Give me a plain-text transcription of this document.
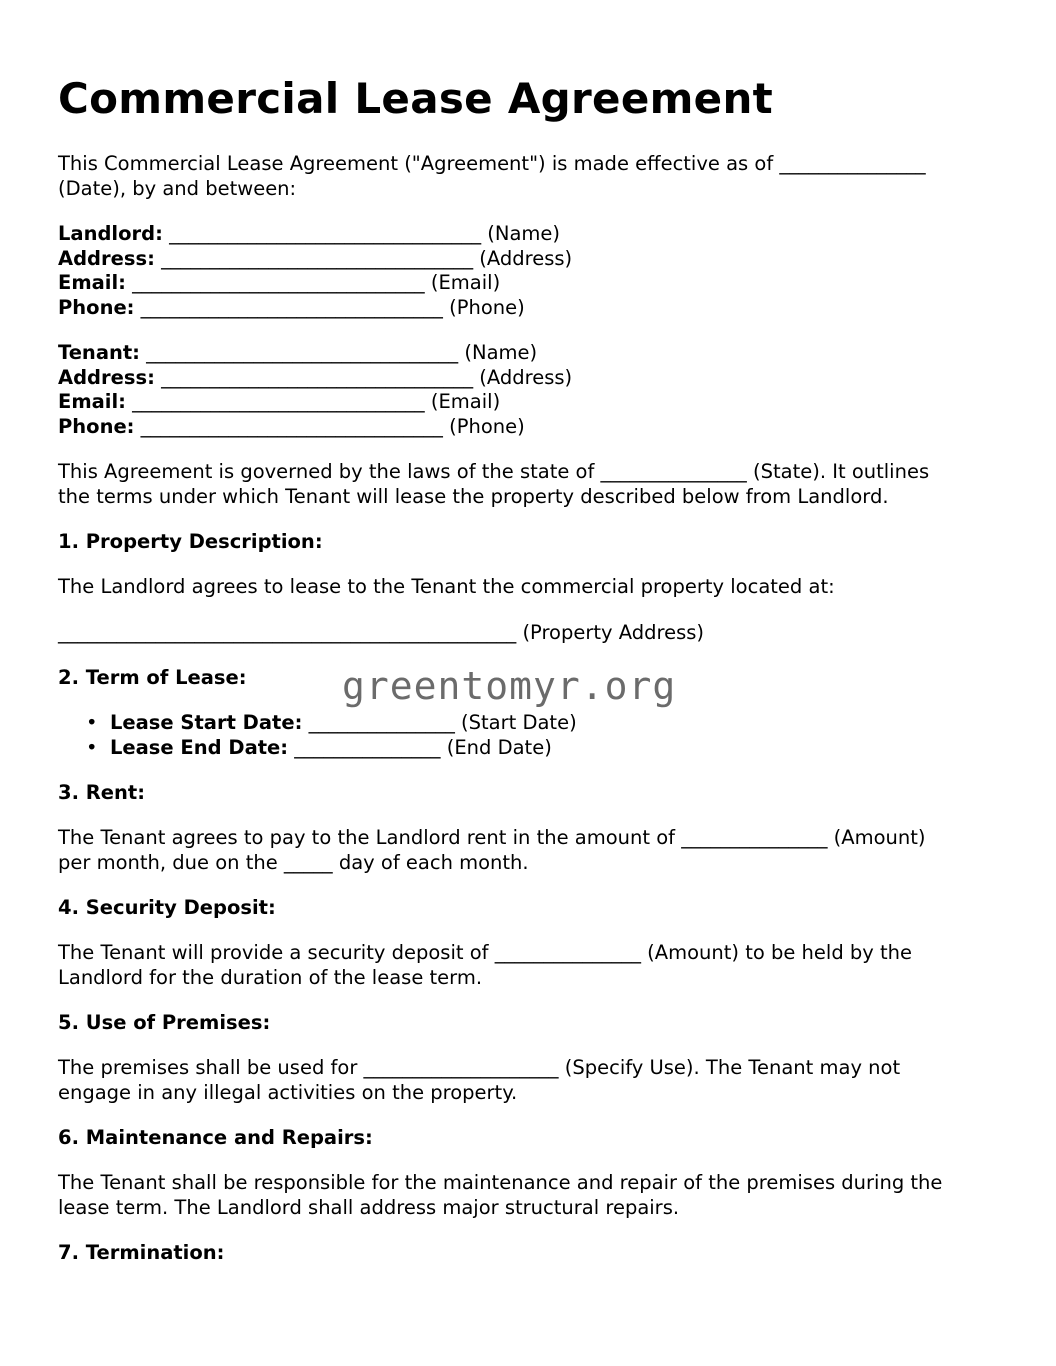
Commercial Lease Agreement

This Commercial Lease Agreement ("Agreement") is made effective as of _______________

(Date), by and between:

Landlord: ________________________________ (Name)

Address: ________________________________ (Address)

Email: ______________________________ (Email)

Phone: _______________________________ (Phone)

Tenant: ________________________________ (Name)

Address: ________________________________ (Address)

Email: ______________________________ (Email)

Phone: _______________________________ (Phone)

This Agreement is governed by the laws of the state of _______________ (State). It outlines

the terms under which Tenant will lease the property described below from Landlord.

1. Property Description:

The Landlord agrees to lease to the Tenant the commercial property located at:

_______________________________________________ (Property Address)

2. Term of Lease:

• Lease Start Date: _______________ (Start Date)

• Lease End Date: _______________ (End Date)

3. Rent:

The Tenant agrees to pay to the Landlord rent in the amount of _______________ (Amount)

per month, due on the _____ day of each month.

4. Security Deposit:

The Tenant will provide a security deposit of _______________ (Amount) to be held by the

Landlord for the duration of the lease term.

5. Use of Premises:

The premises shall be used for ____________________ (Specify Use). The Tenant may not

engage in any illegal activities on the property.

6. Maintenance and Repairs:

The Tenant shall be responsible for the maintenance and repair of the premises during the

lease term. The Landlord shall address major structural repairs.

7. Termination:

greentomyr.org
